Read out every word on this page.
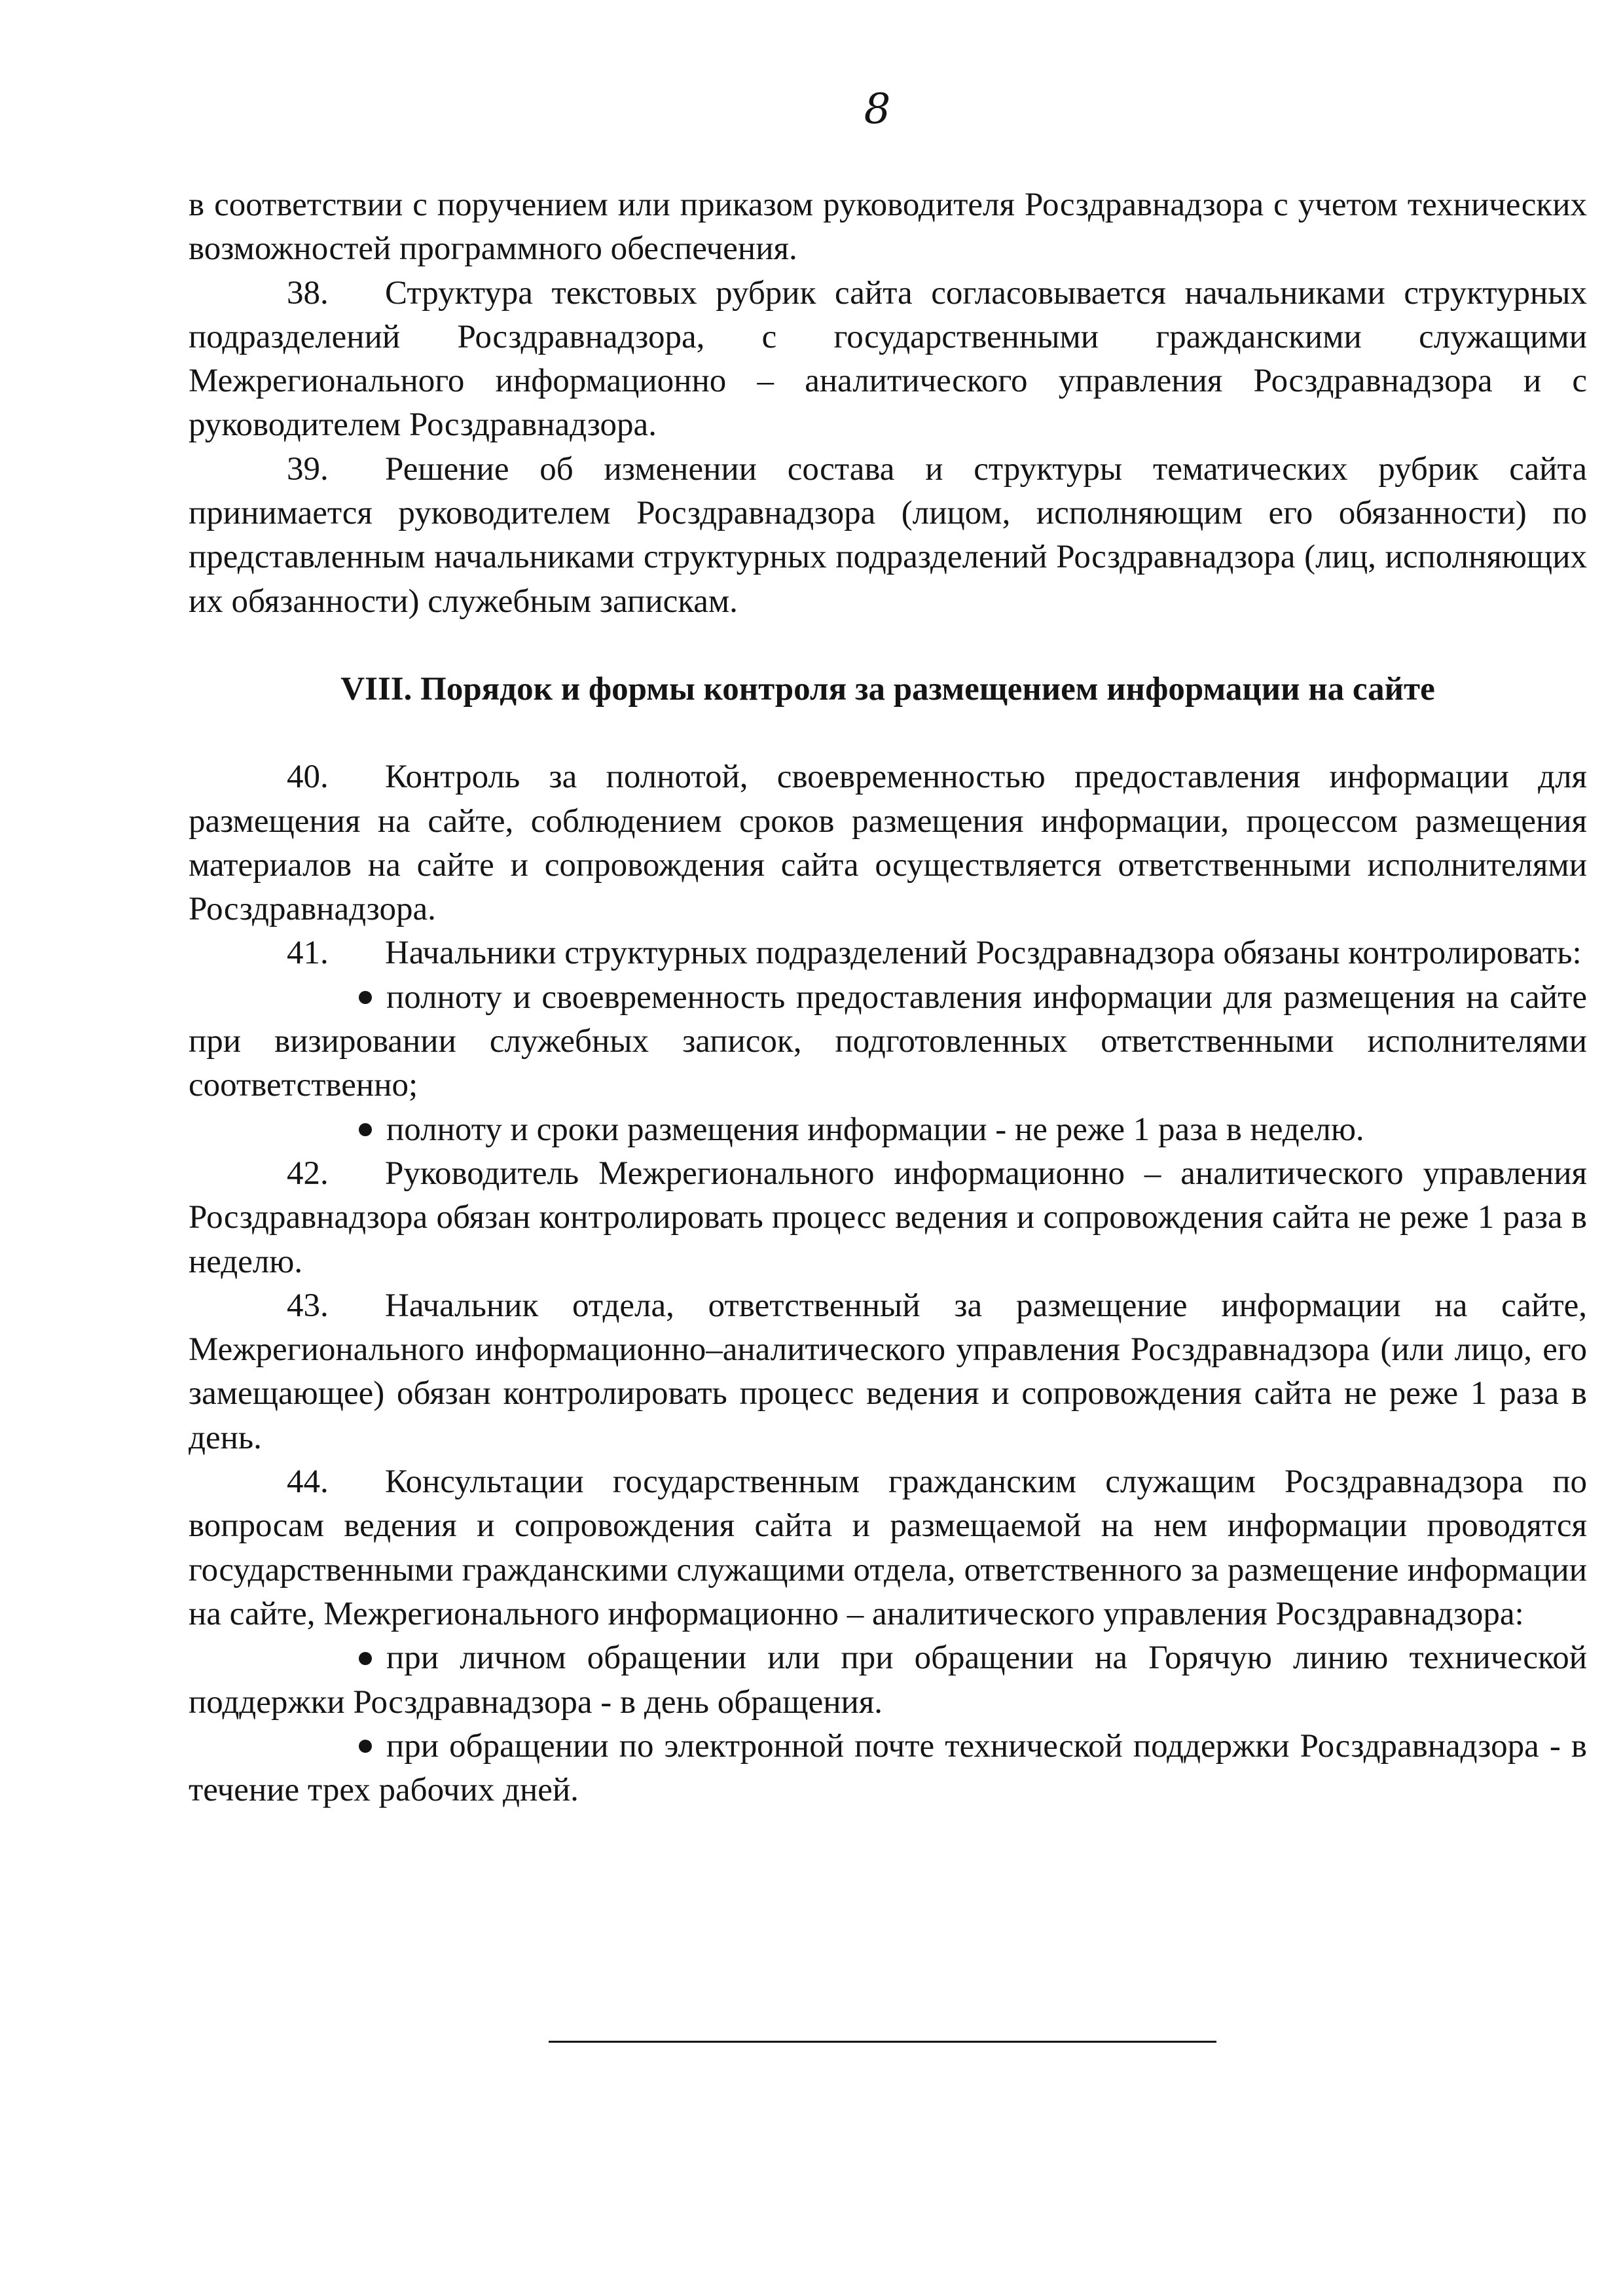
8

в соответствии с поручением или приказом руководителя Росздравнадзора с учетом технических возможностей программного обеспечения.

38. Структура текстовых рубрик сайта согласовывается начальниками структурных подразделений Росздравнадзора, с государственными гражданскими служащими Межрегионального информационно – аналитического управления Росздравнадзора и с руководителем Росздравнадзора.

39. Решение об изменении состава и структуры тематических рубрик сайта принимается руководителем Росздравнадзора (лицом, исполняющим его обязанности) по представленным начальниками структурных подразделений Росздравнадзора (лиц, исполняющих их обязанности) служебным запискам.

VIII. Порядок и формы контроля за размещением информации на сайте

40. Контроль за полнотой, своевременностью предоставления информации для размещения на сайте, соблюдением сроков размещения информации, процессом размещения материалов на сайте и сопровождения сайта осуществляется ответственными исполнителями Росздравнадзора.

41. Начальники структурных подразделений Росздравнадзора обязаны контролировать:

полноту и своевременность предоставления информации для размещения на сайте при визировании служебных записок, подготовленных ответственными исполнителями соответственно;

полноту и сроки размещения информации - не реже 1 раза в неделю.

42. Руководитель Межрегионального информационно – аналитического управления Росздравнадзора обязан контролировать процесс ведения и сопровождения сайта не реже 1 раза в неделю.

43. Начальник отдела, ответственный за размещение информации на сайте, Межрегионального информационно–аналитического управления Росздравнадзора (или лицо, его замещающее) обязан контролировать процесс ведения и сопровождения сайта не реже 1 раза в день.

44. Консультации государственным гражданским служащим Росздравнадзора по вопросам ведения и сопровождения сайта и размещаемой на нем информации проводятся государственными гражданскими служащими отдела, ответственного за размещение информации на сайте, Межрегионального информационно – аналитического управления Росздравнадзора:

при личном обращении или при обращении на Горячую линию технической поддержки Росздравнадзора - в день обращения.

при обращении по электронной почте технической поддержки Росздравнадзора - в течение трех рабочих дней.
